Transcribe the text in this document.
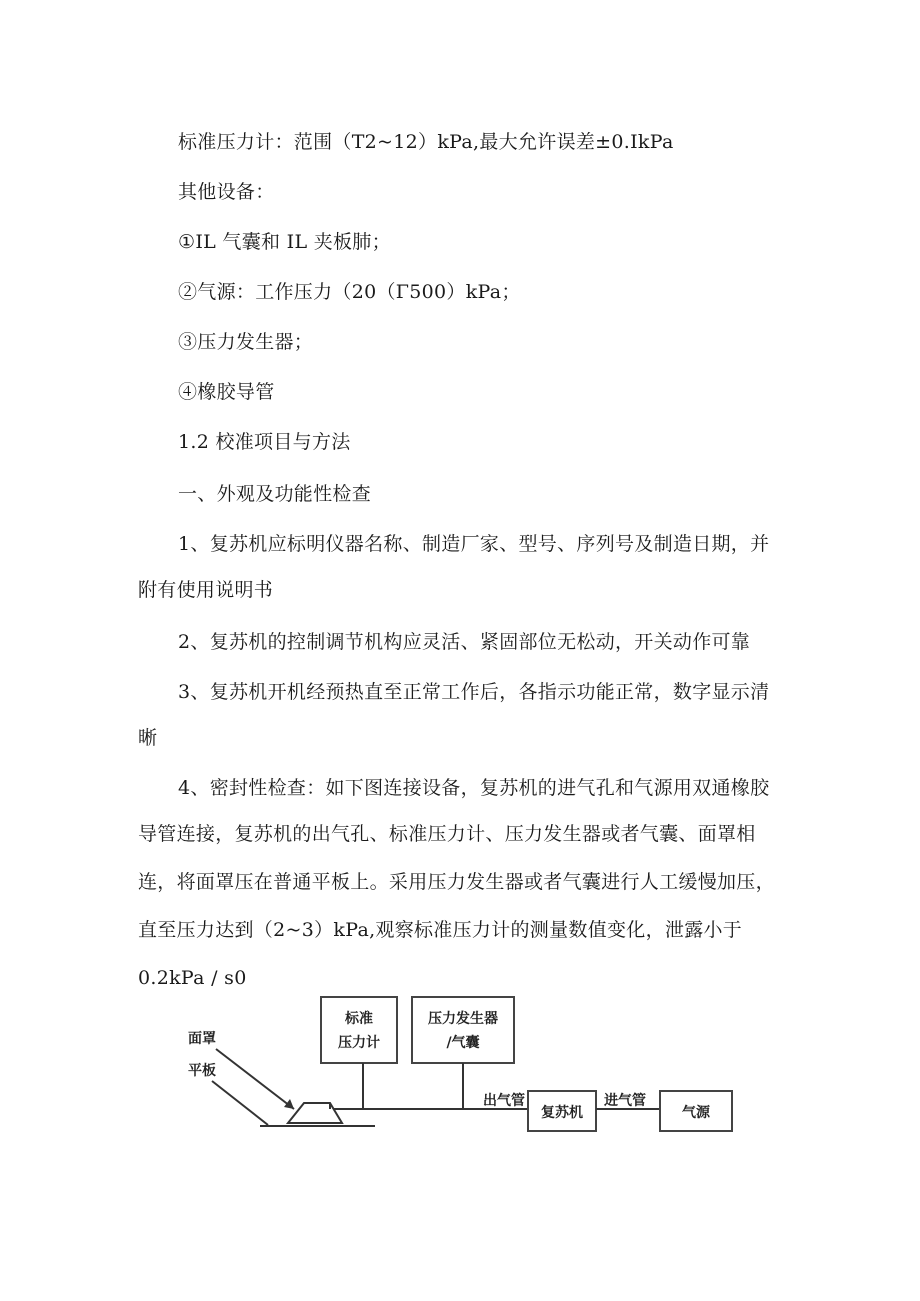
标准压力计：范围（T2~12）kPa,最大允许误差±0.IkPa
其他设备：
①IL 气囊和 IL 夹板肺；
②气源：工作压力（20（Γ500）kPa；
③压力发生器；
④橡胶导管
1.2 校准项目与方法
一、外观及功能性检查
1、复苏机应标明仪器名称、制造厂家、型号、序列号及制造日期，并
附有使用说明书
2、复苏机的控制调节机构应灵活、紧固部位无松动，开关动作可靠
3、复苏机开机经预热直至正常工作后，各指示功能正常，数字显示清
晰
4、密封性检查：如下图连接设备，复苏机的进气孔和气源用双通橡胶
导管连接，复苏机的出气孔、标准压力计、压力发生器或者气囊、面罩相
连，将面罩压在普通平板上。采用压力发生器或者气囊进行人工缓慢加压，
直至压力达到（2~3）kPa,观察标准压力计的测量数值变化，泄露小于
0.2kPa / s0
标准
压力计
压力发生器
/气囊
出气管
复苏机
进气管
气源
面罩
平板
